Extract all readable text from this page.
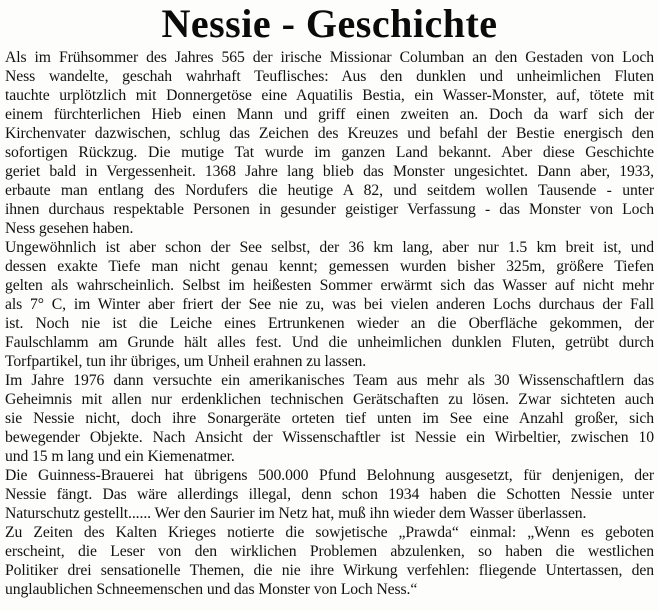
Nessie - Geschichte
Als im Frühsommer des Jahres 565 der irische Missionar Columban an den Gestaden von Loch
Ness wandelte, geschah wahrhaft Teuflisches: Aus den dunklen und unheimlichen Fluten
tauchte urplötzlich mit Donnergetöse eine Aquatilis Bestia, ein Wasser-Monster, auf, tötete mit
einem fürchterlichen Hieb einen Mann und griff einen zweiten an. Doch da warf sich der
Kirchenvater dazwischen, schlug das Zeichen des Kreuzes und befahl der Bestie energisch den
sofortigen Rückzug. Die mutige Tat wurde im ganzen Land bekannt. Aber diese Geschichte
geriet bald in Vergessenheit. 1368 Jahre lang blieb das Monster ungesichtet. Dann aber, 1933,
erbaute man entlang des Nordufers die heutige A 82, und seitdem wollen Tausende - unter
ihnen durchaus respektable Personen in gesunder geistiger Verfassung - das Monster von Loch
Ness gesehen haben.
Ungewöhnlich ist aber schon der See selbst, der 36 km lang, aber nur 1.5 km breit ist, und
dessen exakte Tiefe man nicht genau kennt; gemessen wurden bisher 325m, größere Tiefen
gelten als wahrscheinlich. Selbst im heißesten Sommer erwärmt sich das Wasser auf nicht mehr
als 7° C, im Winter aber friert der See nie zu, was bei vielen anderen Lochs durchaus der Fall
ist. Noch nie ist die Leiche eines Ertrunkenen wieder an die Oberfläche gekommen, der
Faulschlamm am Grunde hält alles fest. Und die unheimlichen dunklen Fluten, getrübt durch
Torfpartikel, tun ihr übriges, um Unheil erahnen zu lassen.
Im Jahre 1976 dann versuchte ein amerikanisches Team aus mehr als 30 Wissenschaftlern das
Geheimnis mit allen nur erdenklichen technischen Gerätschaften zu lösen. Zwar sichteten auch
sie Nessie nicht, doch ihre Sonargeräte orteten tief unten im See eine Anzahl großer, sich
bewegender Objekte. Nach Ansicht der Wissenschaftler ist Nessie ein Wirbeltier, zwischen 10
und 15 m lang und ein Kiemenatmer.
Die Guinness-Brauerei hat übrigens 500.000 Pfund Belohnung ausgesetzt, für denjenigen, der
Nessie fängt. Das wäre allerdings illegal, denn schon 1934 haben die Schotten Nessie unter
Naturschutz gestellt...... Wer den Saurier im Netz hat, muß ihn wieder dem Wasser überlassen.
Zu Zeiten des Kalten Krieges notierte die sowjetische „Prawda“ einmal: „Wenn es geboten
erscheint, die Leser von den wirklichen Problemen abzulenken, so haben die westlichen
Politiker drei sensationelle Themen, die nie ihre Wirkung verfehlen: fliegende Untertassen, den
unglaublichen Schneemenschen und das Monster von Loch Ness.“
